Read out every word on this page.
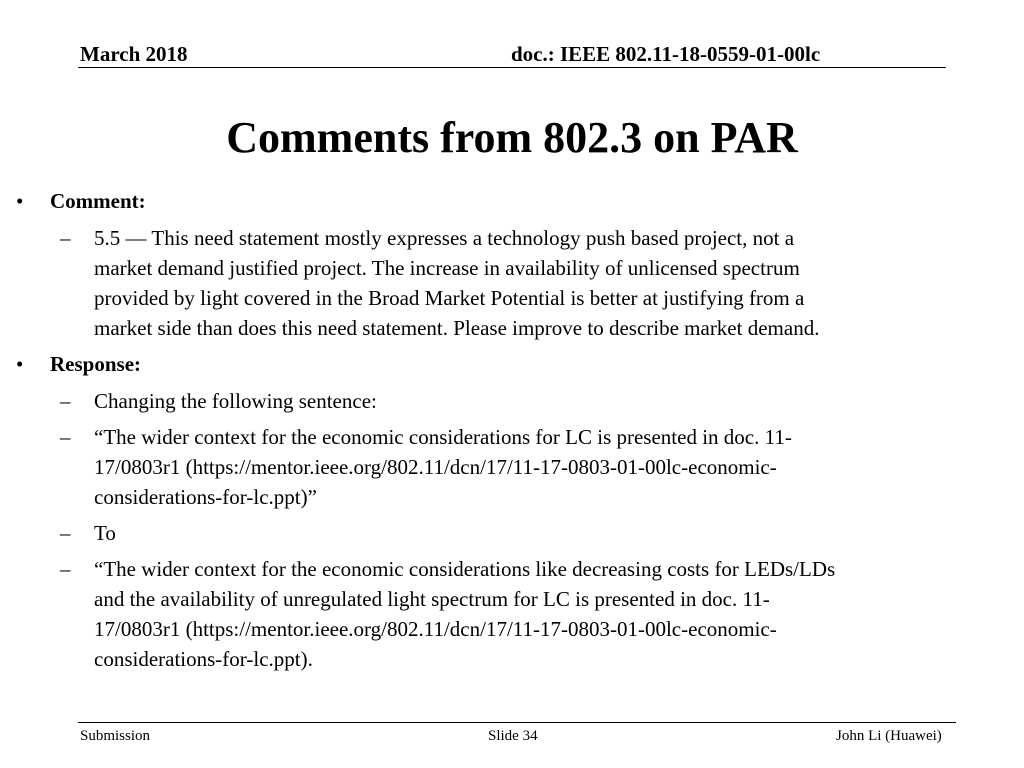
March 2018	doc.: IEEE 802.11-18-0559-01-00lc
Comments from 802.3 on PAR
• Comment:
– 5.5 — This need statement mostly expresses a technology push based project, not a
market demand justified project. The increase in availability of unlicensed spectrum
provided by light covered in the Broad Market Potential is better at justifying from a
market side than does this need statement. Please improve to describe market demand.
• Response:
– Changing the following sentence:
– “The wider context for the economic considerations for LC is presented in doc. 11-
17/0803r1 (https://mentor.ieee.org/802.11/dcn/17/11-17-0803-01-00lc-economic-
considerations-for-lc.ppt)”
– To
– “The wider context for the economic considerations like decreasing costs for LEDs/LDs
and the availability of unregulated light spectrum for LC is presented in doc. 11-
17/0803r1 (https://mentor.ieee.org/802.11/dcn/17/11-17-0803-01-00lc-economic-
considerations-for-lc.ppt).
Submission	Slide 34	John Li (Huawei)
